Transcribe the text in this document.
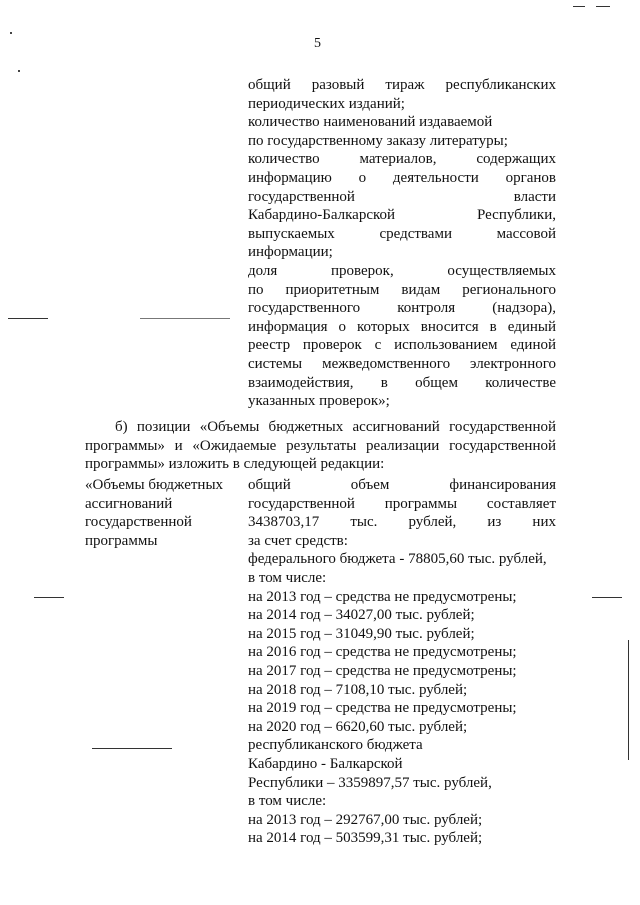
5
общий разовый тираж республиканских
периодических изданий;
количество наименований издаваемой
по государственному заказу литературы;
количество материалов, содержащих
информацию о деятельности органов
государственной власти
Кабардино-Балкарской Республики,
выпускаемых средствами массовой
информации;
доля проверок, осуществляемых
по приоритетным видам регионального
государственного контроля (надзора),
информация о которых вносится в единый
реестр проверок с использованием единой
системы межведомственного электронного
взаимодействия, в общем количестве
указанных проверок»;
б) позиции «Объемы бюджетных ассигнований государственной
программы» и «Ожидаемые результаты реализации государственной
программы» изложить в следующей редакции:
«Объемы бюджетных
ассигнований
государственной
программы
общий объем финансирования
государственной программы составляет
3438703,17 тыс. рублей, из них
за счет средств:
федерального бюджета - 78805,60 тыс. рублей,
в том числе:
на 2013 год – средства не предусмотрены;
на 2014 год – 34027,00 тыс. рублей;
на 2015 год – 31049,90 тыс. рублей;
на 2016 год – средства не предусмотрены;
на 2017 год – средства не предусмотрены;
на 2018 год – 7108,10 тыс. рублей;
на 2019 год – средства не предусмотрены;
на 2020 год – 6620,60 тыс. рублей;
республиканского бюджета
Кабардино - Балкарской
Республики – 3359897,57 тыс. рублей,
в том числе:
на 2013 год – 292767,00 тыс. рублей;
на 2014 год – 503599,31 тыс. рублей;
